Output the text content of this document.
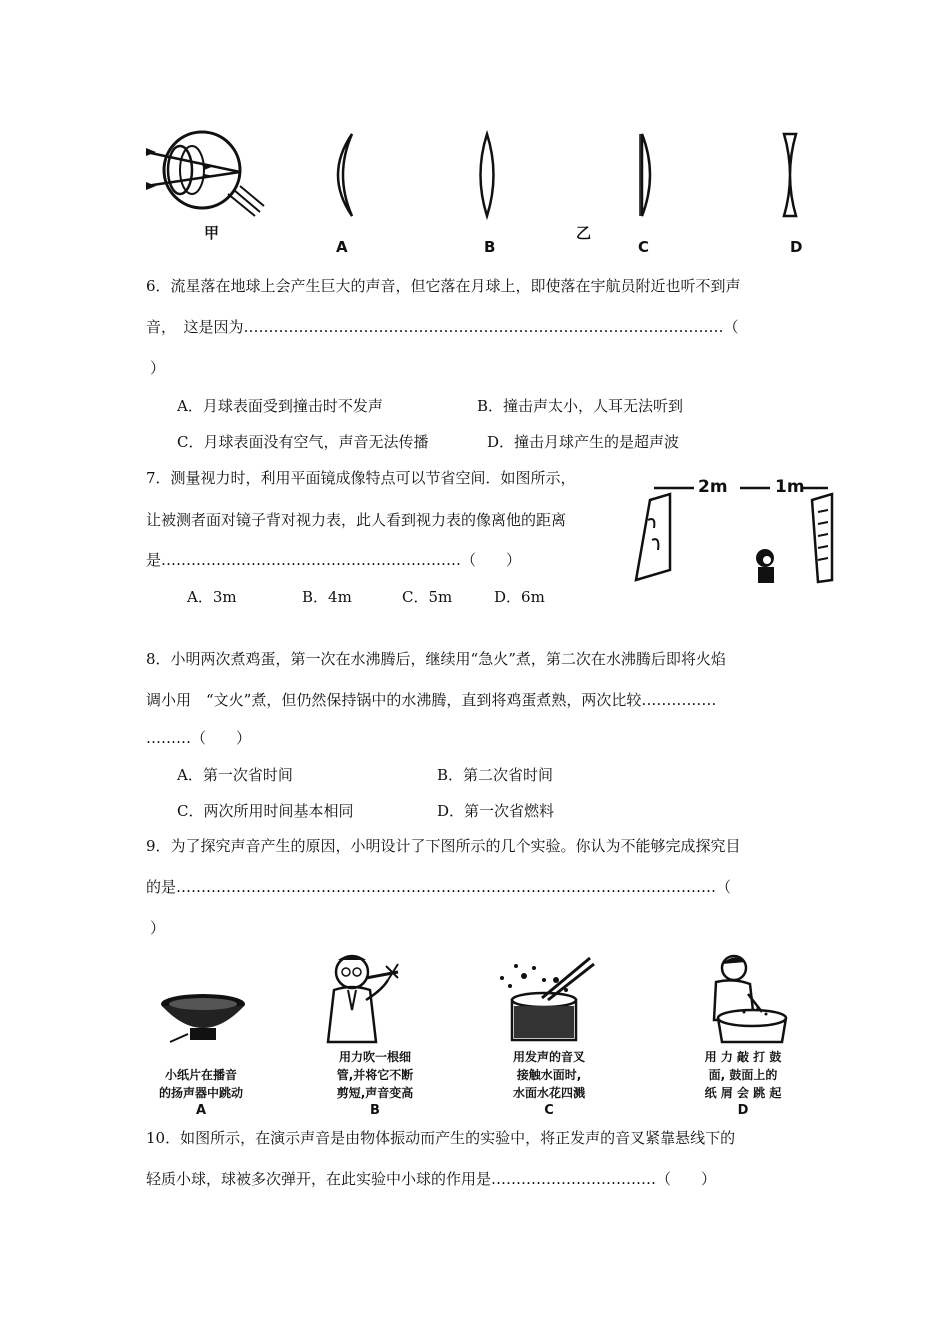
甲
A	B
乙
C	D
6．流星落在地球上会产生巨大的声音，但它落在月球上，即使落在宇航员附近也听不到声
音，　这是因为……………………………………………………………………………………（
）
A．月球表面受到撞击时不发声	B．撞击声太小，人耳无法听到
C．月球表面没有空气，声音无法传播	D．撞击月球产生的是超声波
7．测量视力时，利用平面镜成像特点可以节省空间．如图所示，
让被测者面对镜子背对视力表，此人看到视力表的像离他的距离
是……………………………………………………（　　）
A．3m	B．4m	C．5m	D．6m
2m	1m
8．小明两次煮鸡蛋，第一次在水沸腾后，继续用“急火”煮，第二次在水沸腾后即将火焰
调小用　“文火”煮，但仍然保持锅中的水沸腾，直到将鸡蛋煮熟，两次比较……………
………（　　）
A．第一次省时间	B．第二次省时间
C．两次所用时间基本相同	D．第一次省燃料
9．为了探究声音产生的原因，小明设计了下图所示的几个实验。你认为不能够完成探究目
的是………………………………………………………………………………………………（
）
小纸片在播音
的扬声器中跳动
A
用力吹一根细
管,并将它不断
剪短,声音变高
B
用发声的音叉
接触水面时,
水面水花四溅
C
用 力 敲 打 鼓
面, 鼓面上的
纸 屑 会 跳 起
D
10．如图所示，在演示声音是由物体振动而产生的实验中，将正发声的音叉紧靠悬线下的
轻质小球，球被多次弹开，在此实验中小球的作用是……………………………（　　）
